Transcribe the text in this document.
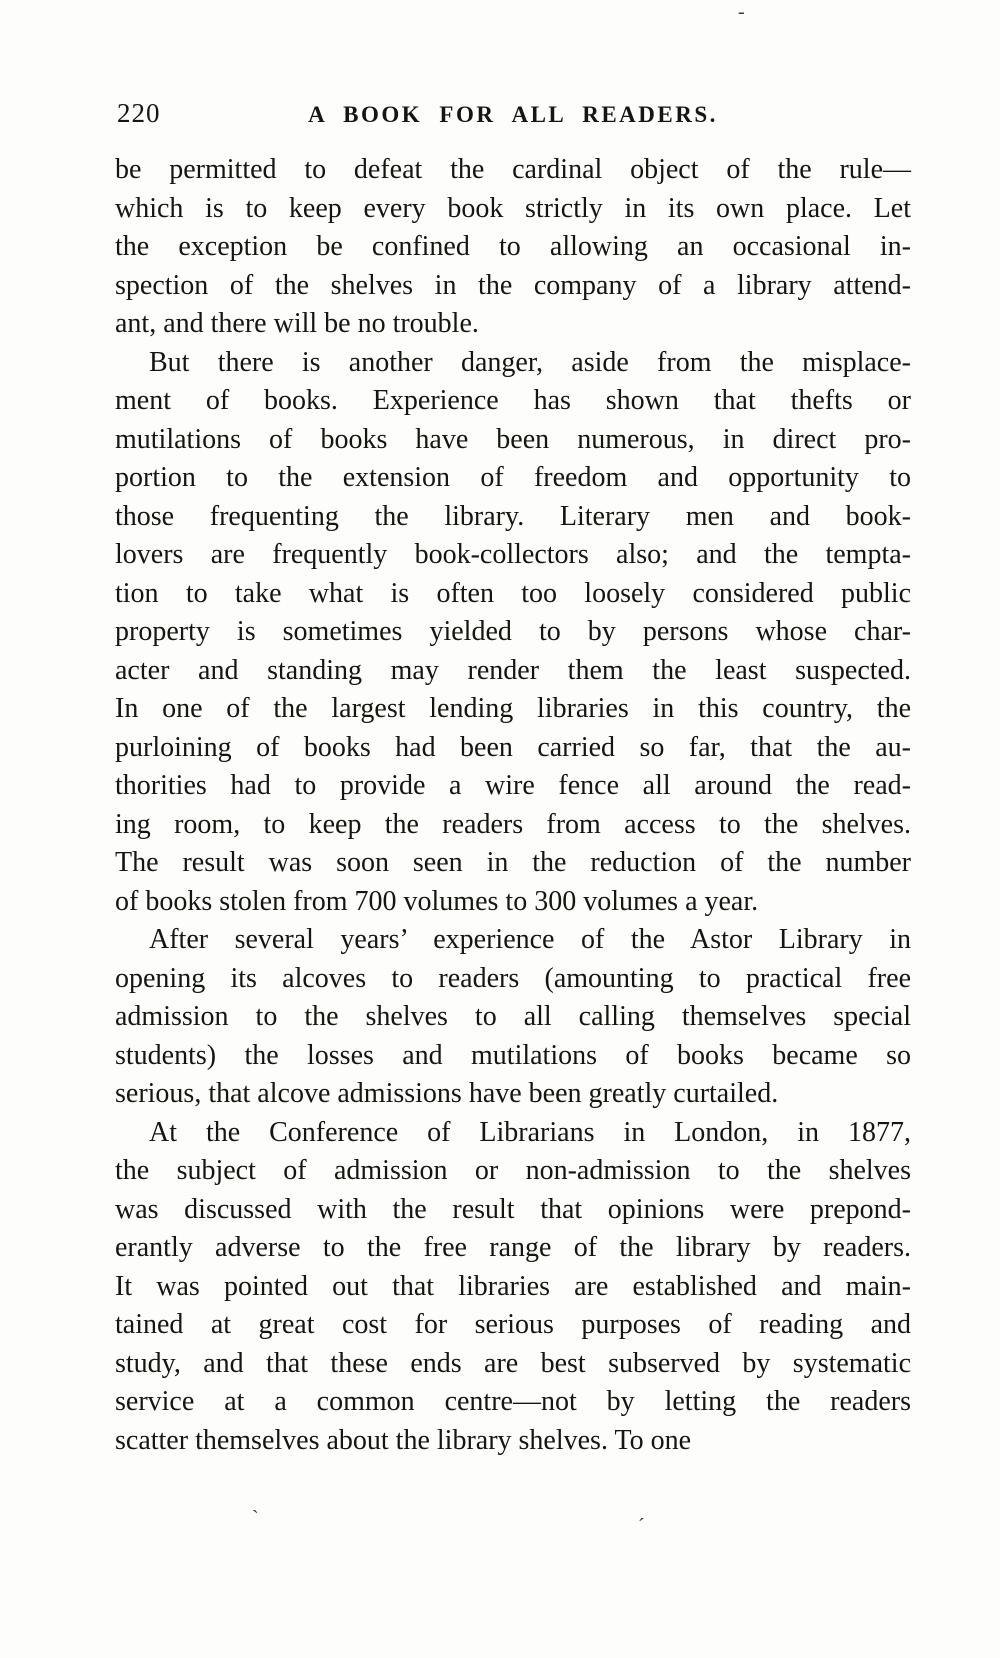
-
220	A BOOK FOR ALL READERS.
be permitted to defeat the cardinal object of the rule—
which is to keep every book strictly in its own place. Let
the exception be confined to allowing an occasional in-
spection of the shelves in the company of a library attend-
ant, and there will be no trouble.
But there is another danger, aside from the misplace-
ment of books. Experience has shown that thefts or
mutilations of books have been numerous, in direct pro-
portion to the extension of freedom and opportunity to
those frequenting the library. Literary men and book-
lovers are frequently book-collectors also; and the tempta-
tion to take what is often too loosely considered public
property is sometimes yielded to by persons whose char-
acter and standing may render them the least suspected.
In one of the largest lending libraries in this country, the
purloining of books had been carried so far, that the au-
thorities had to provide a wire fence all around the read-
ing room, to keep the readers from access to the shelves.
The result was soon seen in the reduction of the number
of books stolen from 700 volumes to 300 volumes a year.
After several years’ experience of the Astor Library in
opening its alcoves to readers (amounting to practical free
admission to the shelves to all calling themselves special
students) the losses and mutilations of books became so
serious, that alcove admissions have been greatly curtailed.
At the Conference of Librarians in London, in 1877,
the subject of admission or non-admission to the shelves
was discussed with the result that opinions were prepond-
erantly adverse to the free range of the library by readers.
It was pointed out that libraries are established and main-
tained at great cost for serious purposes of reading and
study, and that these ends are best subserved by systematic
service at a common centre—not by letting the readers
scatter themselves about the library shelves. To one
`	´
